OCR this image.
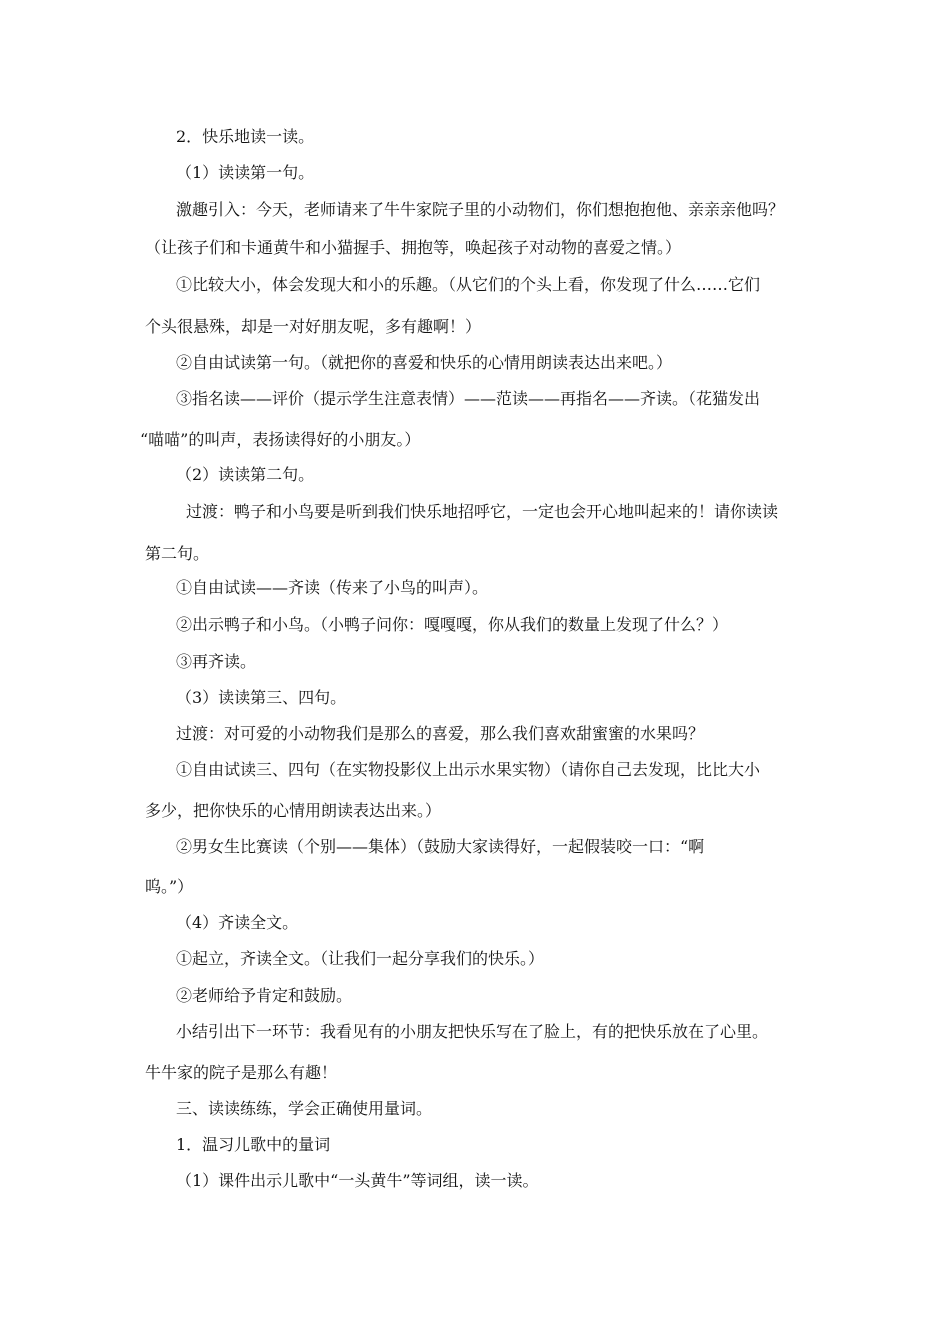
2．快乐地读一读。
（1）读读第一句。
激趣引入：今天，老师请来了牛牛家院子里的小动物们，你们想抱抱他、亲亲亲他吗？
（让孩子们和卡通黄牛和小猫握手、拥抱等，唤起孩子对动物的喜爱之情。）
①比较大小，体会发现大和小的乐趣。（从它们的个头上看，你发现了什么……它们
个头很悬殊，却是一对好朋友呢，多有趣啊！）
②自由试读第一句。（就把你的喜爱和快乐的心情用朗读表达出来吧。）
③指名读——评价（提示学生注意表情）——范读——再指名——齐读。（花猫发出
“喵喵”的叫声，表扬读得好的小朋友。）
（2）读读第二句。
过渡：鸭子和小鸟要是听到我们快乐地招呼它，一定也会开心地叫起来的！请你读读
第二句。
①自由试读——齐读（传来了小鸟的叫声）。
②出示鸭子和小鸟。（小鸭子问你：嘎嘎嘎，你从我们的数量上发现了什么？）
③再齐读。
（3）读读第三、四句。
过渡：对可爱的小动物我们是那么的喜爱，那么我们喜欢甜蜜蜜的水果吗？
①自由试读三、四句（在实物投影仪上出示水果实物）（请你自己去发现，比比大小
多少，把你快乐的心情用朗读表达出来。）
②男女生比赛读（个别——集体）（鼓励大家读得好，一起假装咬一口：“啊
呜。”）
（4）齐读全文。
①起立，齐读全文。（让我们一起分享我们的快乐。）
②老师给予肯定和鼓励。
小结引出下一环节：我看见有的小朋友把快乐写在了脸上，有的把快乐放在了心里。
牛牛家的院子是那么有趣！
三、读读练练，学会正确使用量词。
1．温习儿歌中的量词
（1）课件出示儿歌中“一头黄牛”等词组，读一读。
